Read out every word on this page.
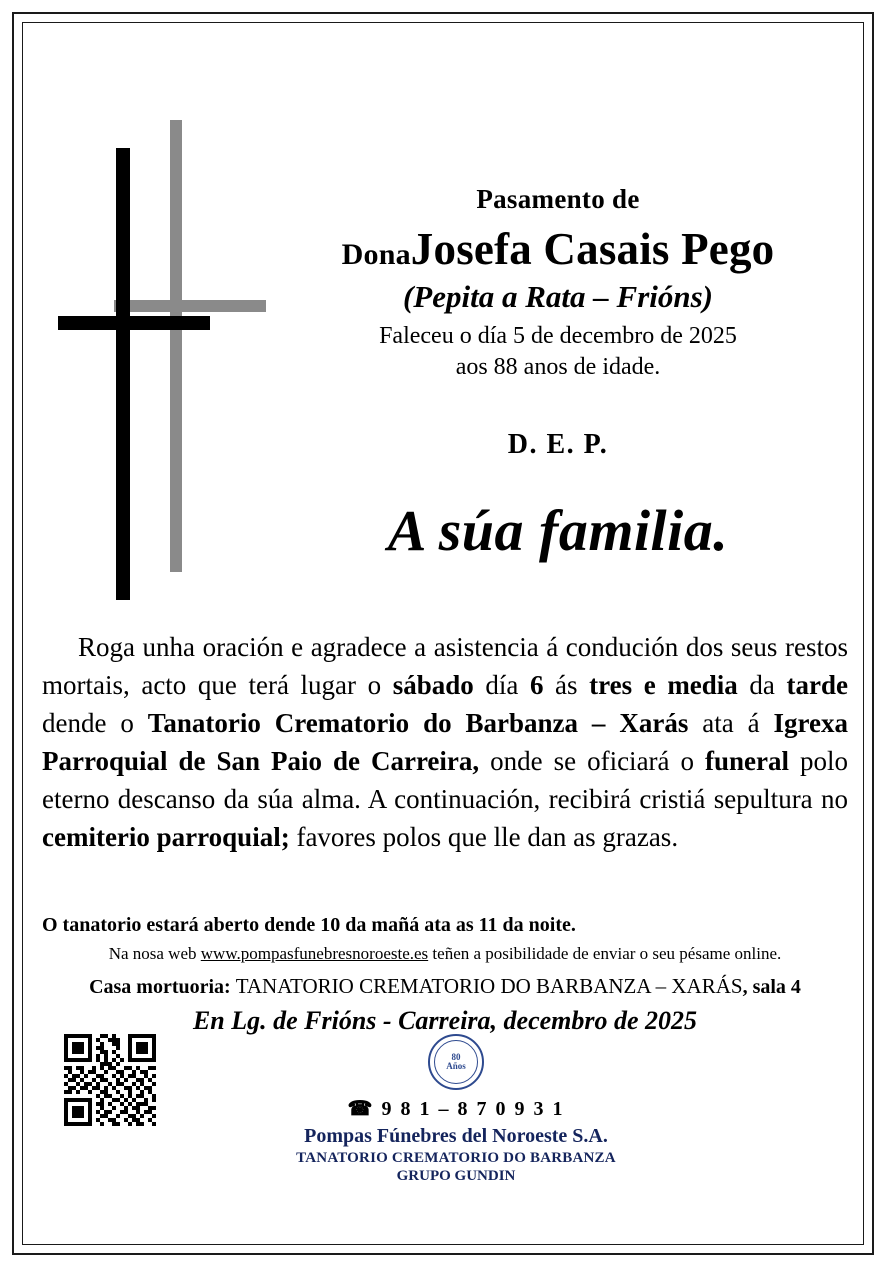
Pasamento de
DonaJosefa Casais Pego
(Pepita a Rata – Frións)
Faleceu o día 5 de decembro de 2025
aos 88 anos de idade.
D. E. P.
A súa familia.
Roga unha oración e agradece a asistencia á condución dos seus restos mortais, acto que terá lugar o sábado día 6 ás tres e media da tarde dende o Tanatorio Crematorio do Barbanza – Xarás ata á Igrexa Parroquial de San Paio de Carreira, onde se oficiará o funeral polo eterno descanso da súa alma. A continuación, recibirá cristiá sepultura no cemiterio parroquial; favores polos que lle dan as grazas.
O tanatorio estará aberto dende 10 da mañá ata as 11 da noite.
Na nosa web www.pompasfunebresnoroeste.es teñen a posibilidade de enviar o seu pésame online.
Casa mortuoria: TANATORIO CREMATORIO DO BARBANZA – XARÁS, sala 4
En Lg. de Frións - Carreira, decembro de 2025
80
Años
☎ 9 8 1 – 8 7 0 9 3 1
Pompas Fúnebres del Noroeste S.A.
TANATORIO CREMATORIO DO BARBANZA
GRUPO GUNDIN
